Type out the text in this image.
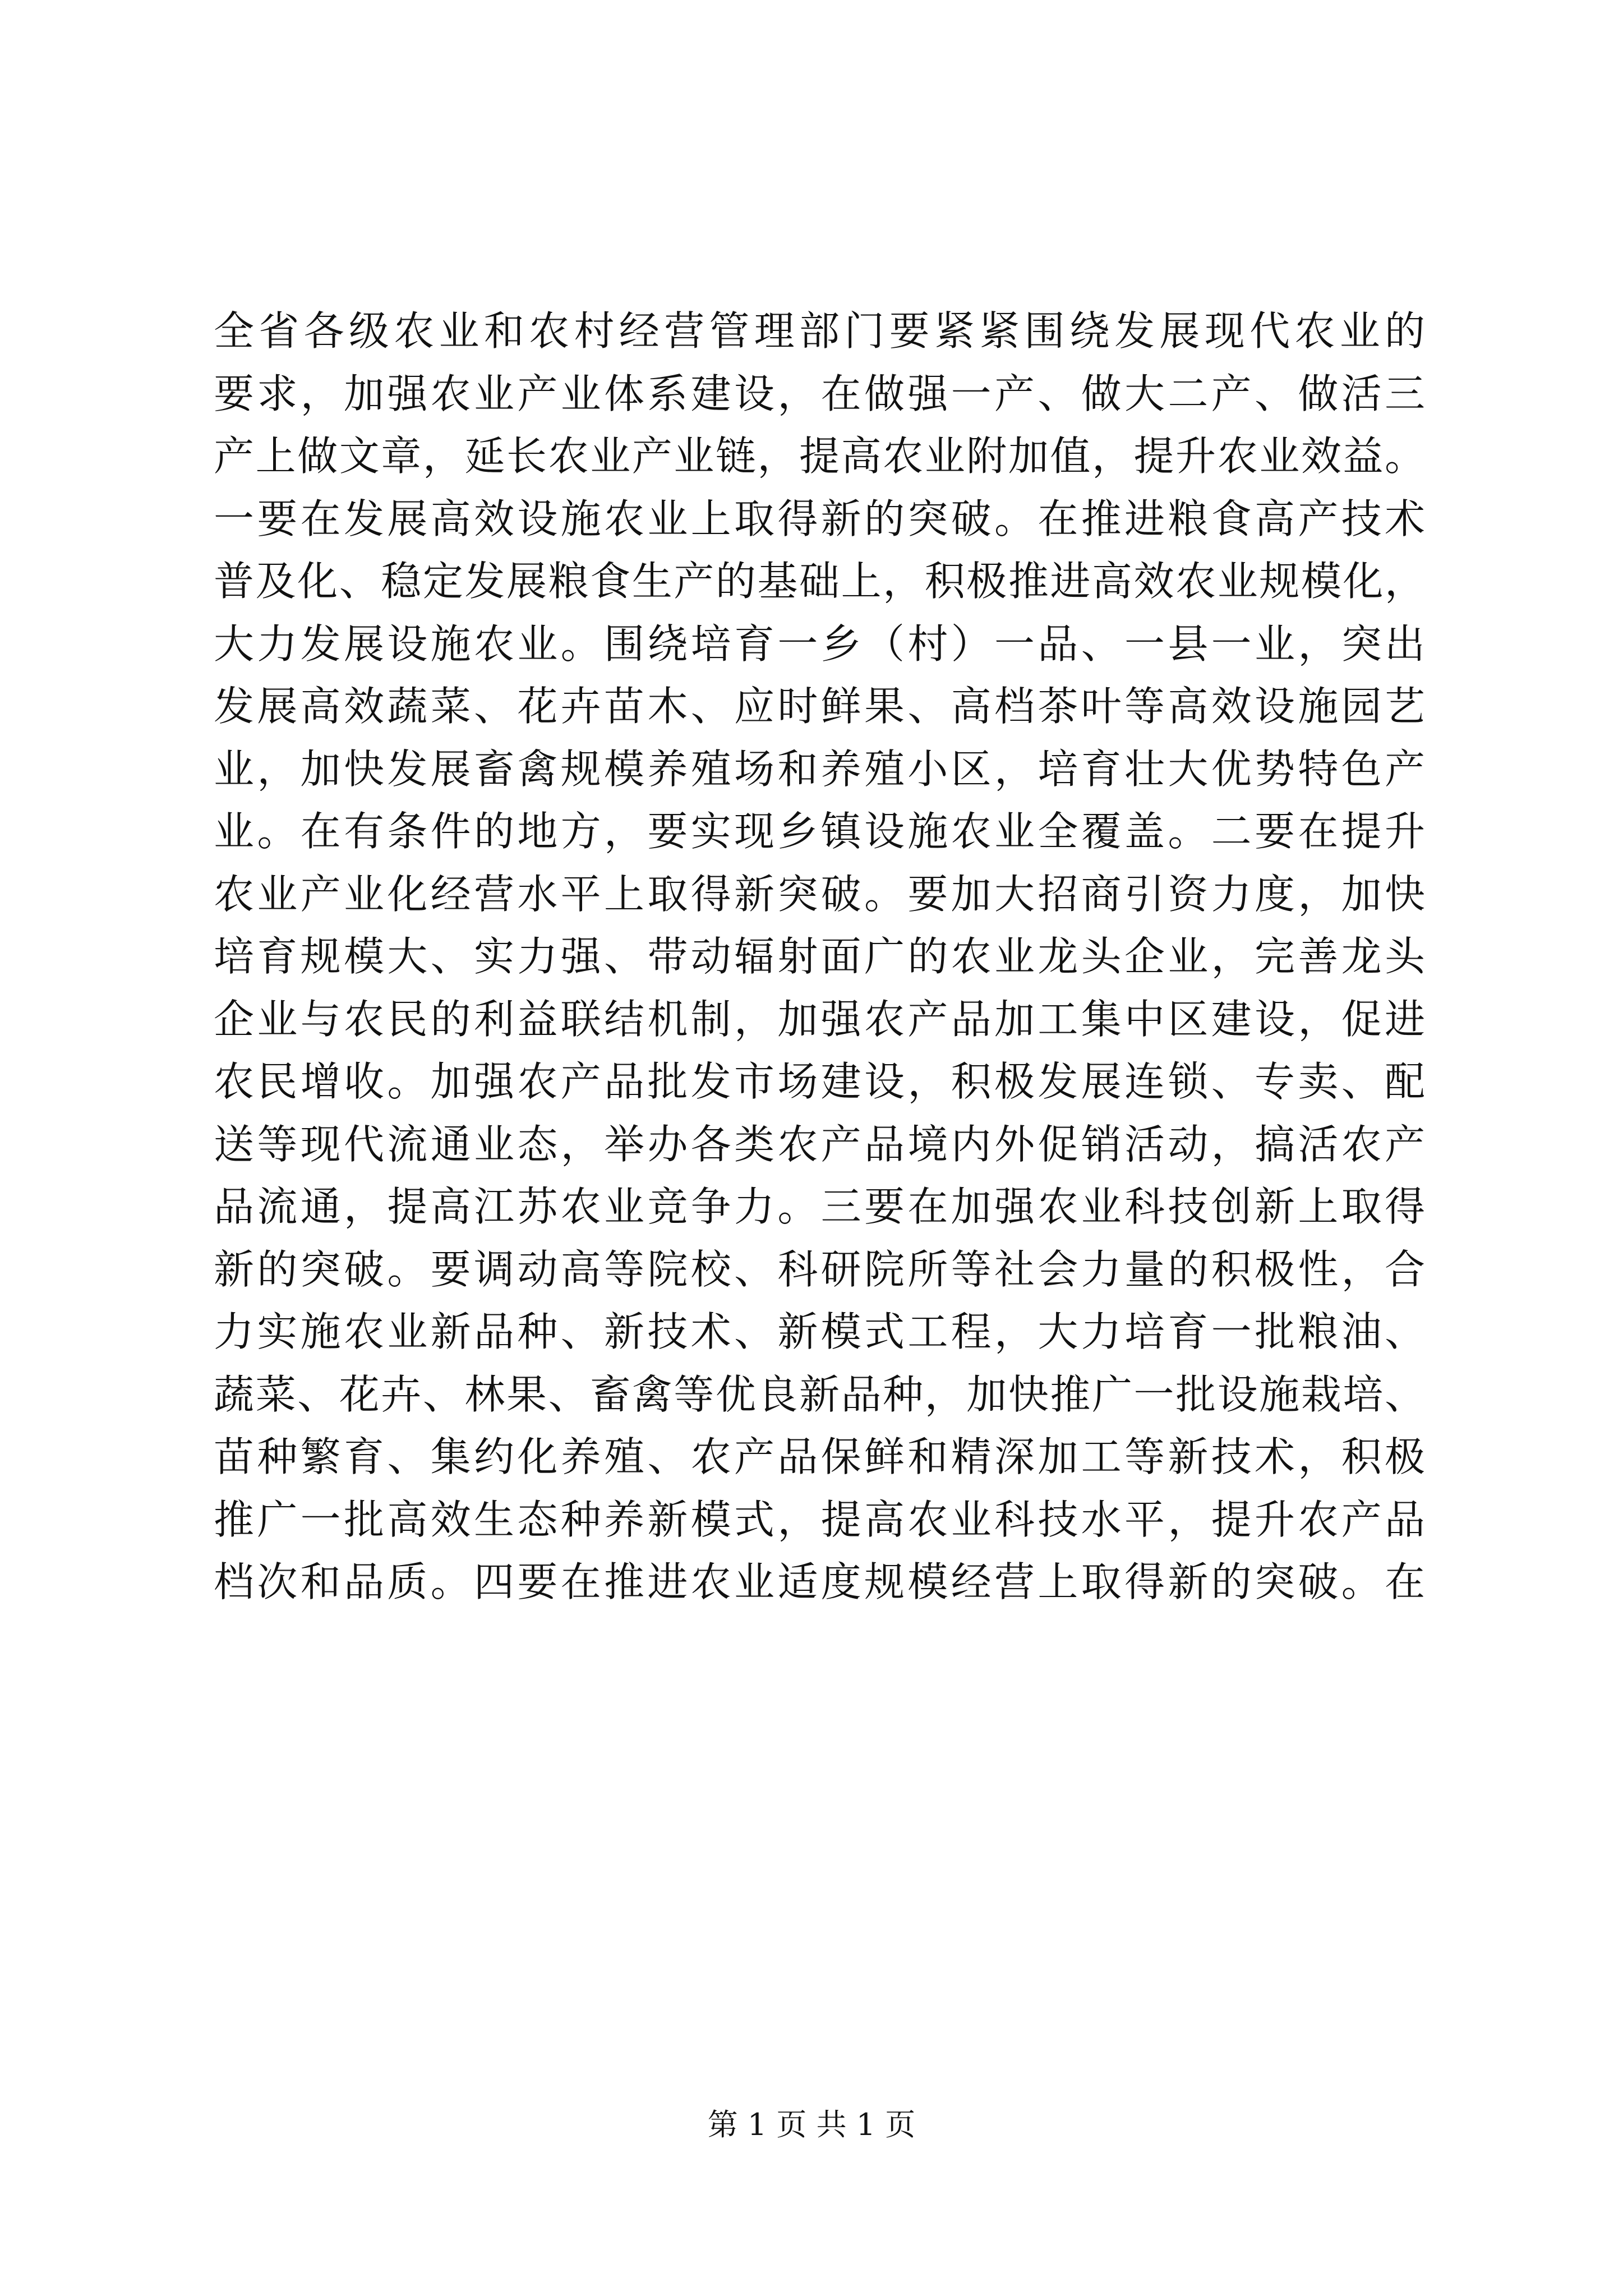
全省各级农业和农村经营管理部门要紧紧围绕发展现代农业的
要求，加强农业产业体系建设，在做强一产、做大二产、做活三
产上做文章，延长农业产业链，提高农业附加值，提升农业效益。
一要在发展高效设施农业上取得新的突破。在推进粮食高产技术
普及化、稳定发展粮食生产的基础上，积极推进高效农业规模化，
大力发展设施农业。围绕培育一乡（村）一品、一县一业，突出
发展高效蔬菜、花卉苗木、应时鲜果、高档茶叶等高效设施园艺
业，加快发展畜禽规模养殖场和养殖小区，培育壮大优势特色产
业。在有条件的地方，要实现乡镇设施农业全覆盖。二要在提升
农业产业化经营水平上取得新突破。要加大招商引资力度，加快
培育规模大、实力强、带动辐射面广的农业龙头企业，完善龙头
企业与农民的利益联结机制，加强农产品加工集中区建设，促进
农民增收。加强农产品批发市场建设，积极发展连锁、专卖、配
送等现代流通业态，举办各类农产品境内外促销活动，搞活农产
品流通，提高江苏农业竞争力。三要在加强农业科技创新上取得
新的突破。要调动高等院校、科研院所等社会力量的积极性，合
力实施农业新品种、新技术、新模式工程，大力培育一批粮油、
蔬菜、花卉、林果、畜禽等优良新品种，加快推广一批设施栽培、
苗种繁育、集约化养殖、农产品保鲜和精深加工等新技术，积极
推广一批高效生态种养新模式，提高农业科技水平，提升农产品
档次和品质。四要在推进农业适度规模经营上取得新的突破。在
第 1 页 共 1 页
